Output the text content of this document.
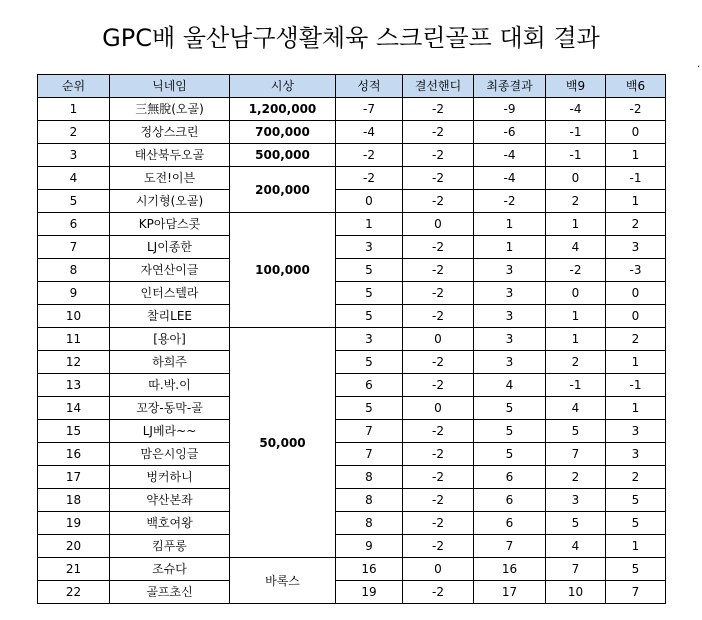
GPC배 울산남구생활체육 스크린골프 대회 결과
·
순위	닉네임	시상	성적	결선핸디	최종결과	백9	백6
1	三無脫(오골)	1,200,000	-7	-2	-9	-4	-2
2	정상스크린	700,000	-4	-2	-6	-1	0
3	태산북두오골	500,000	-2	-2	-4	-1	1
4	도전!이븐	200,000	-2	-2	-4	0	-1
5	시기형(오골)		0	-2	-2	2	1
6	KP아담스콧	100,000	1	0	1	1	2
7	LJ이종한		3	-2	1	4	3
8	자연산이글		5	-2	3	-2	-3
9	인터스텔라		5	-2	3	0	0
10	찰리LEE		5	-2	3	1	0
11	[용아]	50,000	3	0	3	1	2
12	하희주		5	-2	3	2	1
13	따.박.이		6	-2	4	-1	-1
14	꼬장-동막-골		5	0	5	4	1
15	LJ베라~~		7	-2	5	5	3
16	맘은시잉글		7	-2	5	7	3
17	벙커하니		8	-2	6	2	2
18	약산본좌		8	-2	6	3	5
19	백호여왕		8	-2	6	5	5
20	킴푸롱		9	-2	7	4	1
21	조슈다	바록스	16	0	16	7	5
22	골프초신		19	-2	17	10	7
